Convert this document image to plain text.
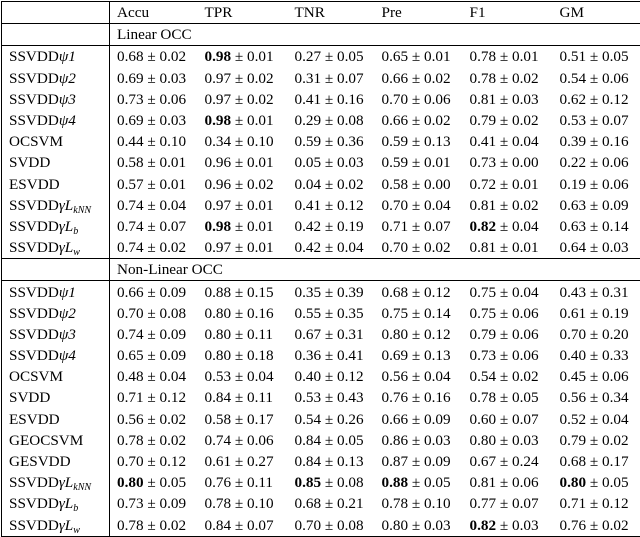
	Accu	TPR	TNR	Pre	F1	GM
	Linear OCC					
SSVDDψ1	0.68 ± 0.02	0.98 ± 0.01	0.27 ± 0.05	0.65 ± 0.01	0.78 ± 0.01	0.51 ± 0.05
SSVDDψ2	0.69 ± 0.03	0.97 ± 0.02	0.31 ± 0.07	0.66 ± 0.02	0.78 ± 0.02	0.54 ± 0.06
SSVDDψ3	0.73 ± 0.06	0.97 ± 0.02	0.41 ± 0.16	0.70 ± 0.06	0.81 ± 0.03	0.62 ± 0.12
SSVDDψ4	0.69 ± 0.03	0.98 ± 0.01	0.29 ± 0.08	0.66 ± 0.02	0.79 ± 0.02	0.53 ± 0.07
OCSVM	0.44 ± 0.10	0.34 ± 0.10	0.59 ± 0.36	0.59 ± 0.13	0.41 ± 0.04	0.39 ± 0.16
SVDD	0.58 ± 0.01	0.96 ± 0.01	0.05 ± 0.03	0.59 ± 0.01	0.73 ± 0.00	0.22 ± 0.06
ESVDD	0.57 ± 0.01	0.96 ± 0.02	0.04 ± 0.02	0.58 ± 0.00	0.72 ± 0.01	0.19 ± 0.06
SSVDDγL$_{kNN}$	0.74 ± 0.04	0.97 ± 0.01	0.41 ± 0.12	0.70 ± 0.04	0.81 ± 0.02	0.63 ± 0.09
SSVDDγL$_b$	0.74 ± 0.07	0.98 ± 0.01	0.42 ± 0.19	0.71 ± 0.07	0.82 ± 0.04	0.63 ± 0.14
SSVDDγL$_w$	0.74 ± 0.02	0.97 ± 0.01	0.42 ± 0.04	0.70 ± 0.02	0.81 ± 0.01	0.64 ± 0.03
	Non-Linear OCC					
SSVDDψ1	0.66 ± 0.09	0.88 ± 0.15	0.35 ± 0.39	0.68 ± 0.12	0.75 ± 0.04	0.43 ± 0.31
SSVDDψ2	0.70 ± 0.08	0.80 ± 0.16	0.55 ± 0.35	0.75 ± 0.14	0.75 ± 0.06	0.61 ± 0.19
SSVDDψ3	0.74 ± 0.09	0.80 ± 0.11	0.67 ± 0.31	0.80 ± 0.12	0.79 ± 0.06	0.70 ± 0.20
SSVDDψ4	0.65 ± 0.09	0.80 ± 0.18	0.36 ± 0.41	0.69 ± 0.13	0.73 ± 0.06	0.40 ± 0.33
OCSVM	0.48 ± 0.04	0.53 ± 0.04	0.40 ± 0.12	0.56 ± 0.04	0.54 ± 0.02	0.45 ± 0.06
SVDD	0.71 ± 0.12	0.84 ± 0.11	0.53 ± 0.43	0.76 ± 0.16	0.78 ± 0.05	0.56 ± 0.34
ESVDD	0.56 ± 0.02	0.58 ± 0.17	0.54 ± 0.26	0.66 ± 0.09	0.60 ± 0.07	0.52 ± 0.04
GEOCSVM	0.78 ± 0.02	0.74 ± 0.06	0.84 ± 0.05	0.86 ± 0.03	0.80 ± 0.03	0.79 ± 0.02
GESVDD	0.70 ± 0.12	0.61 ± 0.27	0.84 ± 0.13	0.87 ± 0.09	0.67 ± 0.24	0.68 ± 0.17
SSVDDγL$_{kNN}$	0.80 ± 0.05	0.76 ± 0.11	0.85 ± 0.08	0.88 ± 0.05	0.81 ± 0.06	0.80 ± 0.05
SSVDDγL$_b$	0.73 ± 0.09	0.78 ± 0.10	0.68 ± 0.21	0.78 ± 0.10	0.77 ± 0.07	0.71 ± 0.12
SSVDDγL$_w$	0.78 ± 0.02	0.84 ± 0.07	0.70 ± 0.08	0.80 ± 0.03	0.82 ± 0.03	0.76 ± 0.02
